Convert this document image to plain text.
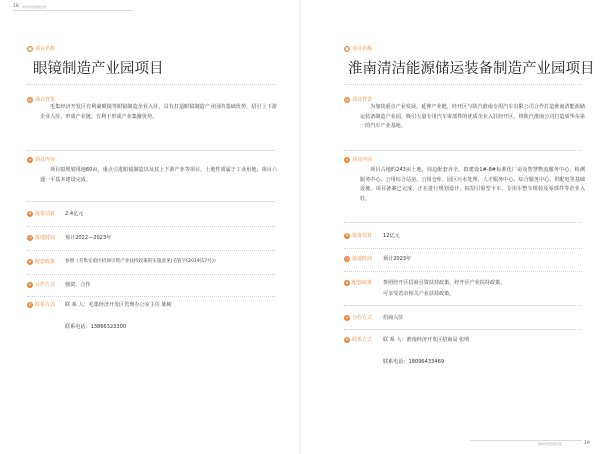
18 亳州市招商项目册
■ 项目名称
眼镜制造产业园项目
▤ 项目背景
毛集经济开发区有利豪眼镜等眼镜制造企业入驻，具有打造眼镜制造产业园的基础优势，招引上下游企业入驻，形成产业链，有利于形成产业集聚优势。
≡ 项目内容
项目拟规划用地60亩，重点引进眼镜制造以及其上下游产业等项目，土地性质属于工业用地，项目六通一平基本建设完成。
¥ 投资估算 2.4亿元
◷ 落地时间 预计2022—2023年
★ 配套政策 参照《毛集实验区招商引资产业扶持政策的实施意见(毛管字[2019]17号)》
✦ 合作方式 独资、合作
✆ 联系方式 联 系 人：毛集经济开发区管理办公室主任 陈彬
联系电话：13866323300
■ 项目名称
淮南清洁能源储运装备制造产业园项目
▤ 项目背景
为加快重点产业发展，延伸产业链，经开区与陕汽淮南专用汽车有限公司合作打造淮南清能源储运装备制造产业园，吸引大量专用汽车零部件的优质企业入驻经开区，将陕汽淮南公司打造成华东第一的汽车产业基地。
≡ 项目内容
项目占地约243亩土地，周边配套齐全。拟建设1#-8#标准化厂房及智慧物流服务中心、检测服务中心、公用综合站房、公用仓库、园区污水处理、人才服务中心、综合服务中心、供配电等基础设施。项目备案已完成，正在进行规划设计，拟招引重型卡车、专用车整车组装及零部件等企业入驻。
¥ 投资估算 12亿元
◷ 落地时间 预计2023年
★ 配套政策 参照经开区招商引资扶持政策、经开区产业扶持政策。
可享受省市相关产业扶持政策。
✦ 合作方式 招商入驻
✆ 联系方式 联 系 人：淮南经济开发区招商局 张明
联系电话：18096433469
亳州市招商项目册	19
